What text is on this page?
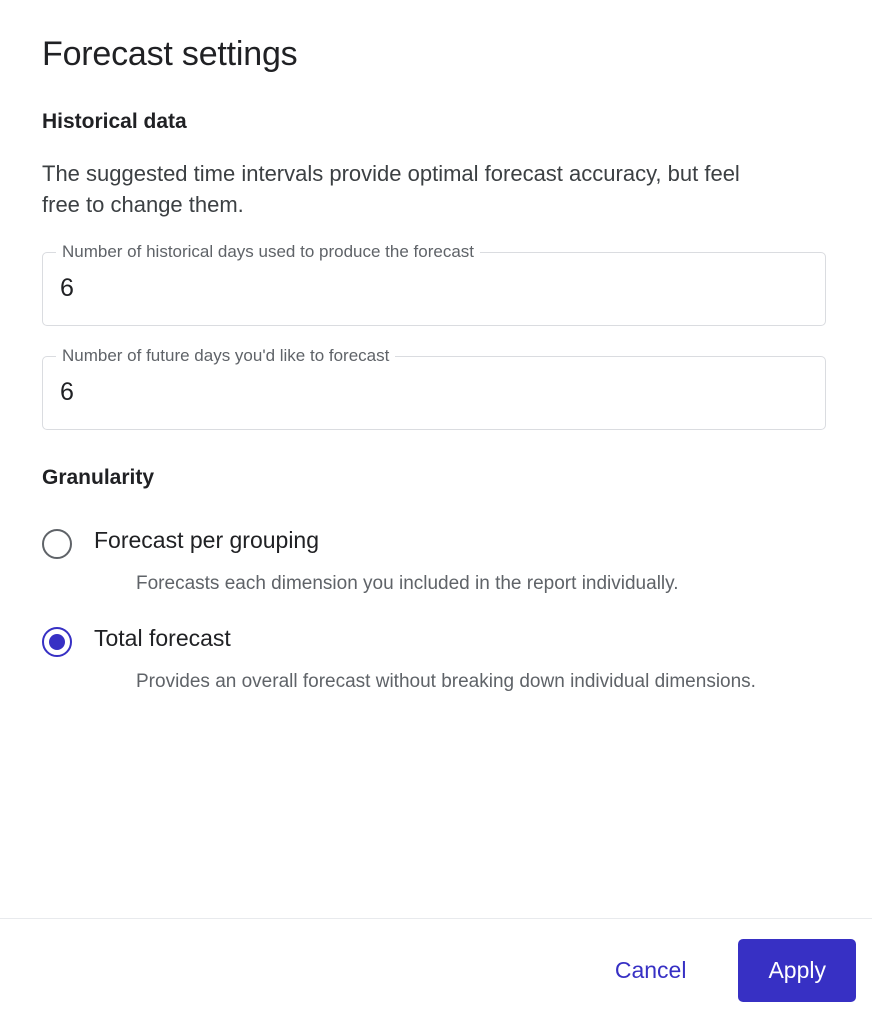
Forecast settings
Historical data

The suggested time intervals provide optimal forecast accuracy, but feel free to change them.

Number of historical days used to produce the forecast
6
Number of future days you'd like to forecast
6
Granularity
Forecast per grouping
Forecasts each dimension you included in the report individually.
Total forecast
Provides an overall forecast without breaking down individual dimensions.
Cancel	Apply
